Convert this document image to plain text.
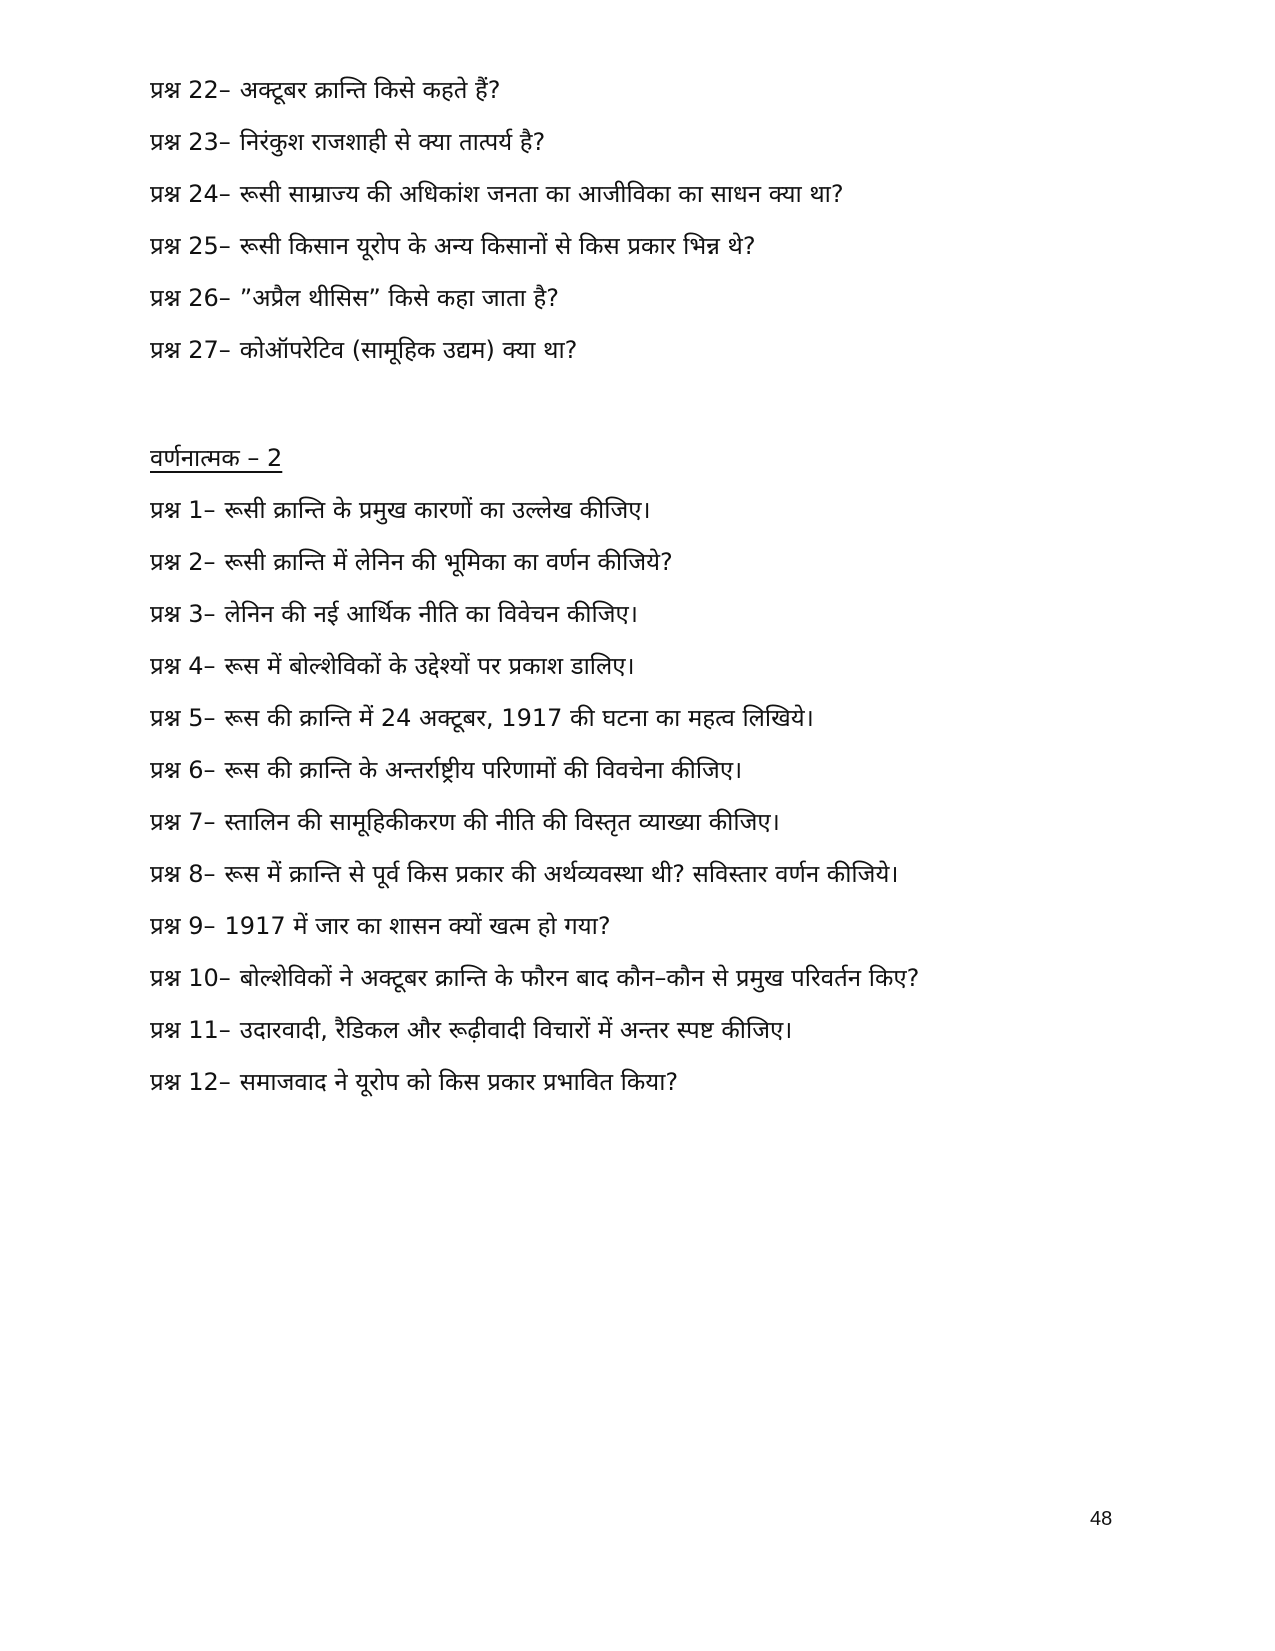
प्रश्न 22– अक्टूबर क्रान्ति किसे कहते हैं?
प्रश्न 23– निरंकुश राजशाही से क्या तात्पर्य है?
प्रश्न 24– रूसी साम्राज्य की अधिकांश जनता का आजीविका का साधन क्या था?
प्रश्न 25– रूसी किसान यूरोप के अन्य किसानों से किस प्रकार भिन्न थे?
प्रश्न 26– ”अप्रैल थीसिस” किसे कहा जाता है?
प्रश्न 27– कोऑपरेटिव (सामूहिक उद्यम) क्या था?
वर्णनात्मक – 2
प्रश्न 1– रूसी क्रान्ति के प्रमुख कारणों का उल्लेख कीजिए।
प्रश्न 2– रूसी क्रान्ति में लेनिन की भूमिका का वर्णन कीजिये?
प्रश्न 3– लेनिन की नई आर्थिक नीति का विवेचन कीजिए।
प्रश्न 4– रूस में बोल्शेविकों के उद्देश्यों पर प्रकाश डालिए।
प्रश्न 5– रूस की क्रान्ति में 24 अक्टूबर, 1917 की घटना का महत्व लिखिये।
प्रश्न 6– रूस की क्रान्ति के अन्तर्राष्ट्रीय परिणामों की विवचेना कीजिए।
प्रश्न 7– स्तालिन की सामूहिकीकरण की नीति की विस्तृत व्याख्या कीजिए।
प्रश्न 8– रूस में क्रान्ति से पूर्व किस प्रकार की अर्थव्यवस्था थी? सविस्तार वर्णन कीजिये।
प्रश्न 9– 1917 में जार का शासन क्यों खत्म हो गया?
प्रश्न 10– बोल्शेविकों ने अक्टूबर क्रान्ति के फौरन बाद कौन–कौन से प्रमुख परिवर्तन किए?
प्रश्न 11– उदारवादी, रैडिकल और रूढ़ीवादी विचारों में अन्तर स्पष्ट कीजिए।
प्रश्न 12– समाजवाद ने यूरोप को किस प्रकार प्रभावित किया?
48
